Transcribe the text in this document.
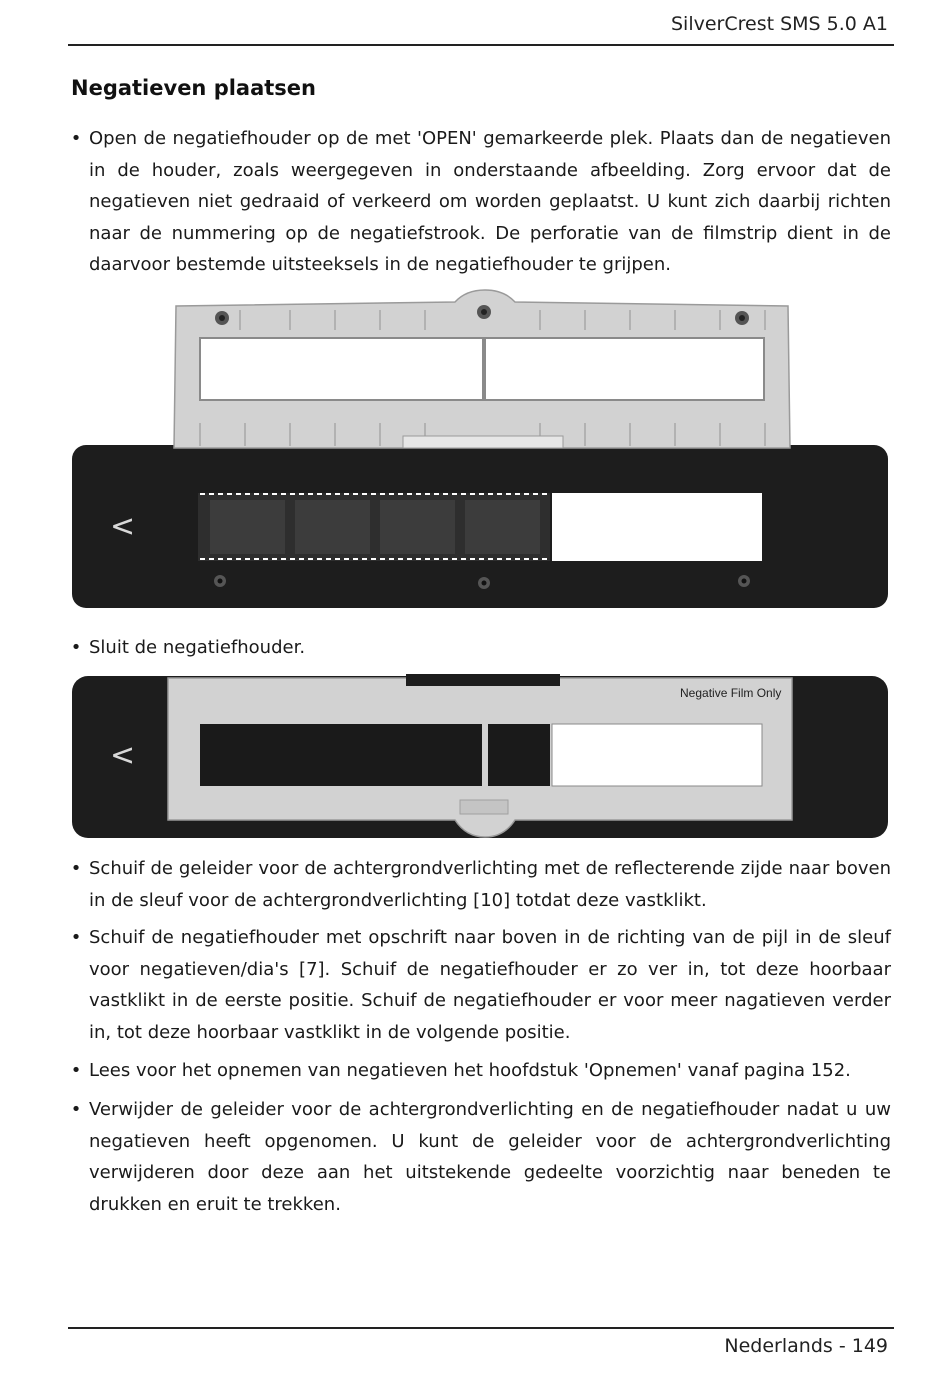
SilverCrest SMS 5.0 A1
Negatieven plaatsen
• Open de negatiefhouder op de met 'OPEN' gemarkeerde plek. Plaats dan de negatieven in de houder, zoals weergegeven in onderstaande afbeelding. Zorg ervoor dat de negatieven niet gedraaid of verkeerd om worden geplaatst. U kunt zich daarbij richten naar de nummering op de negatiefstrook. De perforatie van de filmstrip dient in de daarvoor bestemde uitsteeksels in de negatiefhouder te grijpen.
<
• Sluit de negatiefhouder.
Negative Film Only
<
• Schuif de geleider voor de achtergrondverlichting met de reflecterende zijde naar boven in de sleuf voor de achtergrondverlichting [10] totdat deze vastklikt.
• Schuif de negatiefhouder met opschrift naar boven in de richting van de pijl in de sleuf voor negatieven/dia's [7]. Schuif de negatiefhouder er zo ver in, tot deze hoorbaar vastklikt in de eerste positie. Schuif de negatiefhouder er voor meer nagatieven verder in, tot deze hoorbaar vastklikt in de volgende positie.
• Lees voor het opnemen van negatieven het hoofdstuk 'Opnemen' vanaf pagina 152.
• Verwijder de geleider voor de achtergrondverlichting en de negatiefhouder nadat u uw negatieven heeft opgenomen. U kunt de geleider voor de achtergrondverlichting verwijderen door deze aan het uitstekende gedeelte voorzichtig naar beneden te drukken en eruit te trekken.
Nederlands - 149
